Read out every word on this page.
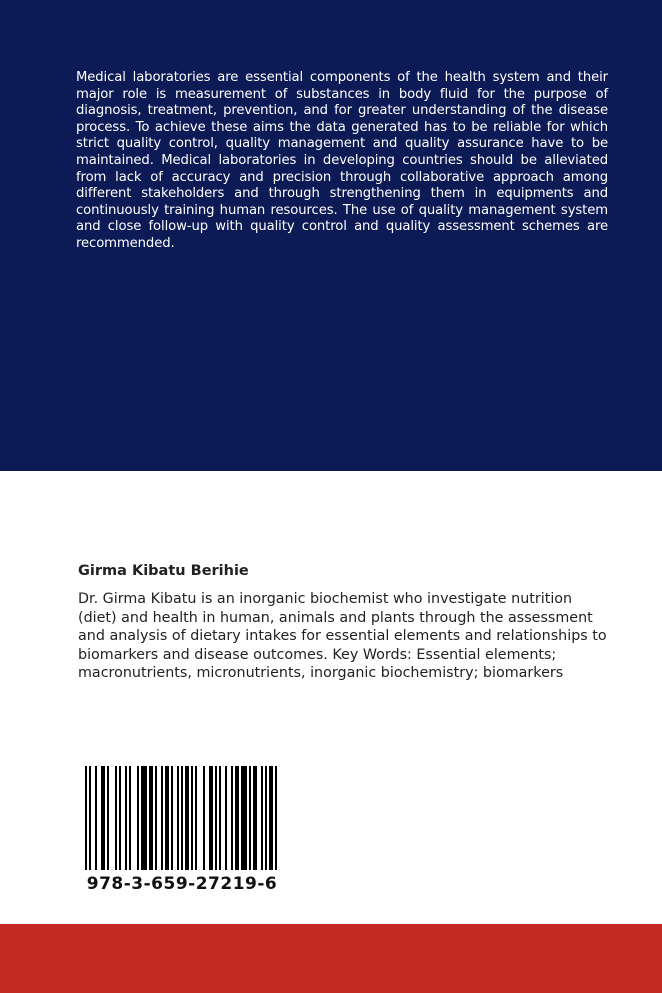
Medical laboratories are essential components of the health system and their major role is measurement of substances in body fluid for the purpose of diagnosis, treatment, prevention, and for greater understanding of the disease process. To achieve these aims the data generated has to be reliable for which strict quality control, quality management and quality assurance have to be maintained. Medical laboratories in developing countries should be alleviated from lack of accuracy and precision through collaborative approach among different stakeholders and through strengthening them in equipments and continuously training human resources. The use of quality management system and close follow-up with quality control and quality assessment schemes are recommended.
Girma Kibatu Berihie
Dr. Girma Kibatu is an inorganic biochemist who investigate nutrition (diet) and health in human, animals and plants through the assessment and analysis of dietary intakes for essential elements and relationships to biomarkers and disease outcomes. Key Words: Essential elements; macronutrients, micronutrients, inorganic biochemistry; biomarkers
978-3-659-27219-6
